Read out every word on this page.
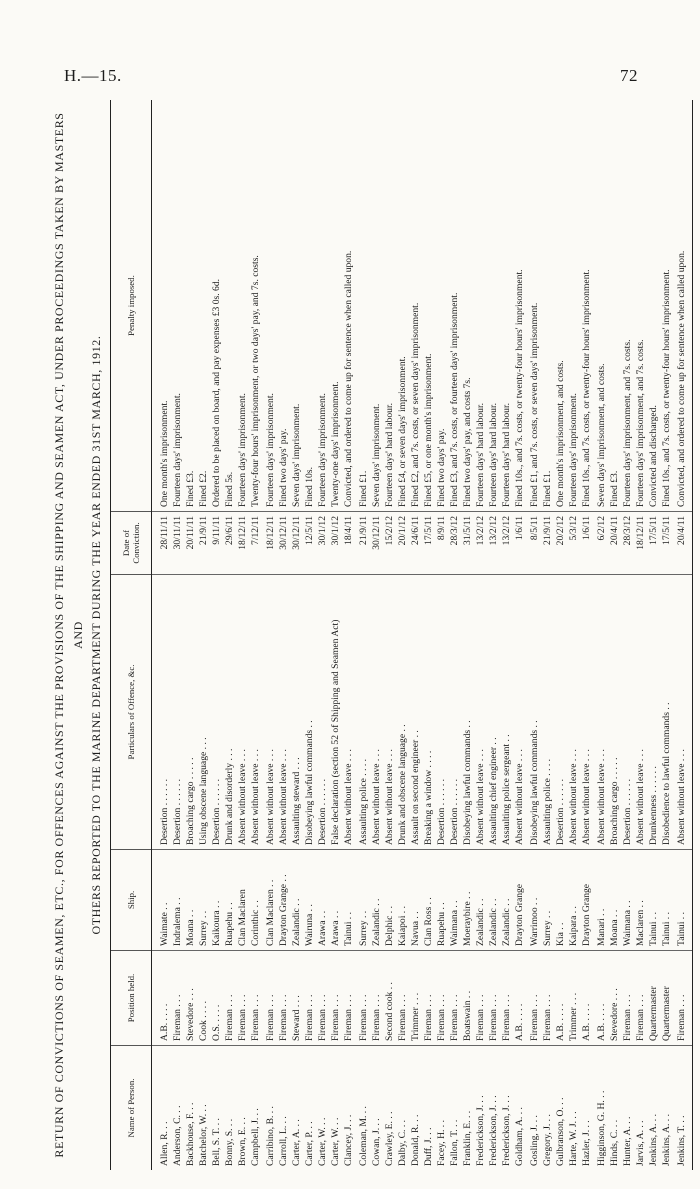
H.—15.	72
RETURN OF CONVICTIONS OF SEAMEN, ETC., FOR OFFENCES AGAINST THE PROVISIONS OF THE SHIPPING AND SEAMEN ACT, UNDER PROCEEDINGS TAKEN BY MASTERS AND OTHERS REPORTED TO THE MARINE DEPARTMENT DURING THE YEAR ENDED 31ST MARCH, 1912.
Name of Person.	Position held.	Ship.	Particulars of Offence, &c.	Date of Conviction.	Penalty imposed.
Allen, R. . .	A.B. . . . .	Waimate . .	Desertion . . . . . .	28/11/11	One month's imprisonment.
Anderson, C. . .	Fireman . . .	Indralema . .	Desertion . . . . . .	30/11/11	Fourteen days' imprisonment.
Backhouse, F. . .	Stevedore . . .	Moana . .	Broaching cargo . . . . .	20/11/11	Fined £3.
Batchelor, W. . .	Cook . . . .	Surrey . .	Using obscene language . . .	21/9/11	Fined £2.
Bell, S. T. . .	O.S. . . . .	Kaikoura . .	Desertion . . . . . .	9/11/11	Ordered to be placed on board, and pay expenses £3 0s. 6d.
Bonny, S. . .	Fireman . . .	Ruapehu . .	Drunk and disorderly . . .	29/6/11	Fined 5s.
Brown, E. . .	Fireman . . .	Clan Maclaren	Absent without leave . . .	18/12/11	Fourteen days' imprisonment.
Campbell, J. . .	Fireman . . .	Corinthic . .	Absent without leave . . .	7/12/11	Twenty-four hours' imprisonment, or two days' pay, and 7s. costs.
Carribino, B. . .	Fireman . . .	Clan Maclaren . .	Absent without leave . . .	18/12/11	Fourteen days' imprisonment.
Carroll, L. . .	Fireman . . .	Drayton Grange . .	Absent without leave . . .	30/12/11	Fined two days' pay.
Carter, A. . .	Steward . . .	Zealandic . .	Assaulting steward . . .	30/12/11	Seven days' imprisonment.
Carter, P. . .	Fireman . . .	Wairuna . .	Disobeying lawful commands . .	12/5/11	Fined 10s.
Carter, W. . .	Fireman . . .	Arawa . .	Desertion . . . . . .	30/1/12	Fourteen days' imprisonment.
Carter, W. . .	Fireman . . .	Arawa . .	False declaration (section 52 of Shipping and Seamen Act)	30/1/12	Twenty-one days' imprisonment.
Clancey, J. . .	Fireman . . .	Tainui . .	Absent without leave . . .	18/4/11	Convicted, and ordered to come up for sentence when called upon.
Coleman, M. . .	Fireman . . .	Surrey . .	Assaulting police . . . .	21/9/11	Fined £1.
Cowan, J. . .	Fireman . . .	Zealandic . .	Absent without leave . . .	30/12/11	Seven days' imprisonment.
Crawley, E. . .	Second cook . .	Delphic . .	Absent without leave . . .	15/2/12	Fourteen days' hard labour.
Dalby, C. . .	Fireman . . .	Kaiapoi . .	Drunk and obscene language . .	20/1/12	Fined £4, or seven days' imprisonment.
Donald, R. . .	Trimmer . . .	Navua . .	Assault on second engineer . .	24/6/11	Fined £2, and 7s. costs, or seven days' imprisonment.
Duff, J. . .	Fireman . . .	Clan Ross . .	Breaking a window . . . .	17/5/11	Fined £5, or one month's imprisonment.
Facey, H. . .	Fireman . . .	Ruapehu . .	Desertion . . . . . .	8/9/11	Fined two days' pay.
Fallon, T. . .	Fireman . . .	Waimana . .	Desertion . . . . . .	28/3/12	Fined £3, and 7s. costs, or fourteen days' imprisonment.
Franklin, E. . .	Boatswain . .	Moeraybire . .	Disobeying lawful commands . .	31/5/11	Fined two days' pay, and costs 7s.
Frederickson, J. . .	Fireman . . .	Zealandic . .	Absent without leave . . .	13/2/12	Fourteen days' hard labour.
Frederickson, J. . .	Fireman . . .	Zealandic . .	Assaulting chief engineer . .	13/2/12	Fourteen days' hard labour.
Frederickson, J. . .	Fireman . . .	Zealandic . .	Assaulting police sergeant . .	13/2/12	Fourteen days' hard labour.
Goldham, A. . .	A.B. . . . .	Drayton Grange	Absent without leave . . .	1/6/11	Fined 10s., and 7s. costs, or twenty-four hours' imprisonment.
Gosling, J. . .	Fireman . . .	Warrimoo . .	Disobeying lawful commands . .	8/5/11	Fined £1, and 7s. costs, or seven days' imprisonment.
Gregory, J. . .	Fireman . . .	Surrey . .	Assaulting police . . . .	21/9/11	Fined £1.
Gulbranson, O. . .	A.B. . . . .	Kia . .	Desertion . . . . . .	20/2/12	One month's imprisonment, and costs.
Harte, W. J. . .	Trimmer . . .	Kaipara . .	Absent without leave . . .	5/3/12	Fourteen days' imprisonment.
Hazler, J. . .	A.B. . . . .	Drayton Grange	Absent without leave . . .	1/6/11	Fined 10s., and 7s. costs, or twenty-four hours' imprisonment.
Higginson, G. H. . .	A.B. . . . .	Manari . .	Absent without leave . . .	6/2/12	Seven days' imprisonment, and costs.
Hinds, C. . .	Stevedore . . .	Moana . .	Broaching cargo . . . . .	20/4/11	Fined £3.
Hunter, A. . .	Fireman . . .	Waimana . .	Desertion . . . . . .	28/3/12	Fourteen days' imprisonment, and 7s. costs.
Jarvis, A. . .	Fireman . . .	Maclaren . .	Absent without leave . . .	18/12/11	Fourteen days' imprisonment, and 7s. costs.
Jenkins, A. . .	Quartermaster	Tainui . .	Drunkenness . . . . . .	17/5/11	Convicted and discharged.
Jenkins, A. . .	Quartermaster	Tainui . .	Disobedience to lawful commands . .	17/5/11	Fined 10s., and 7s. costs, or twenty-four hours' imprisonment.
Jenkins, T. . .	Fireman . . .	Tainui . .	Absent without leave . . .	20/4/11	Convicted, and ordered to come up for sentence when called upon.
